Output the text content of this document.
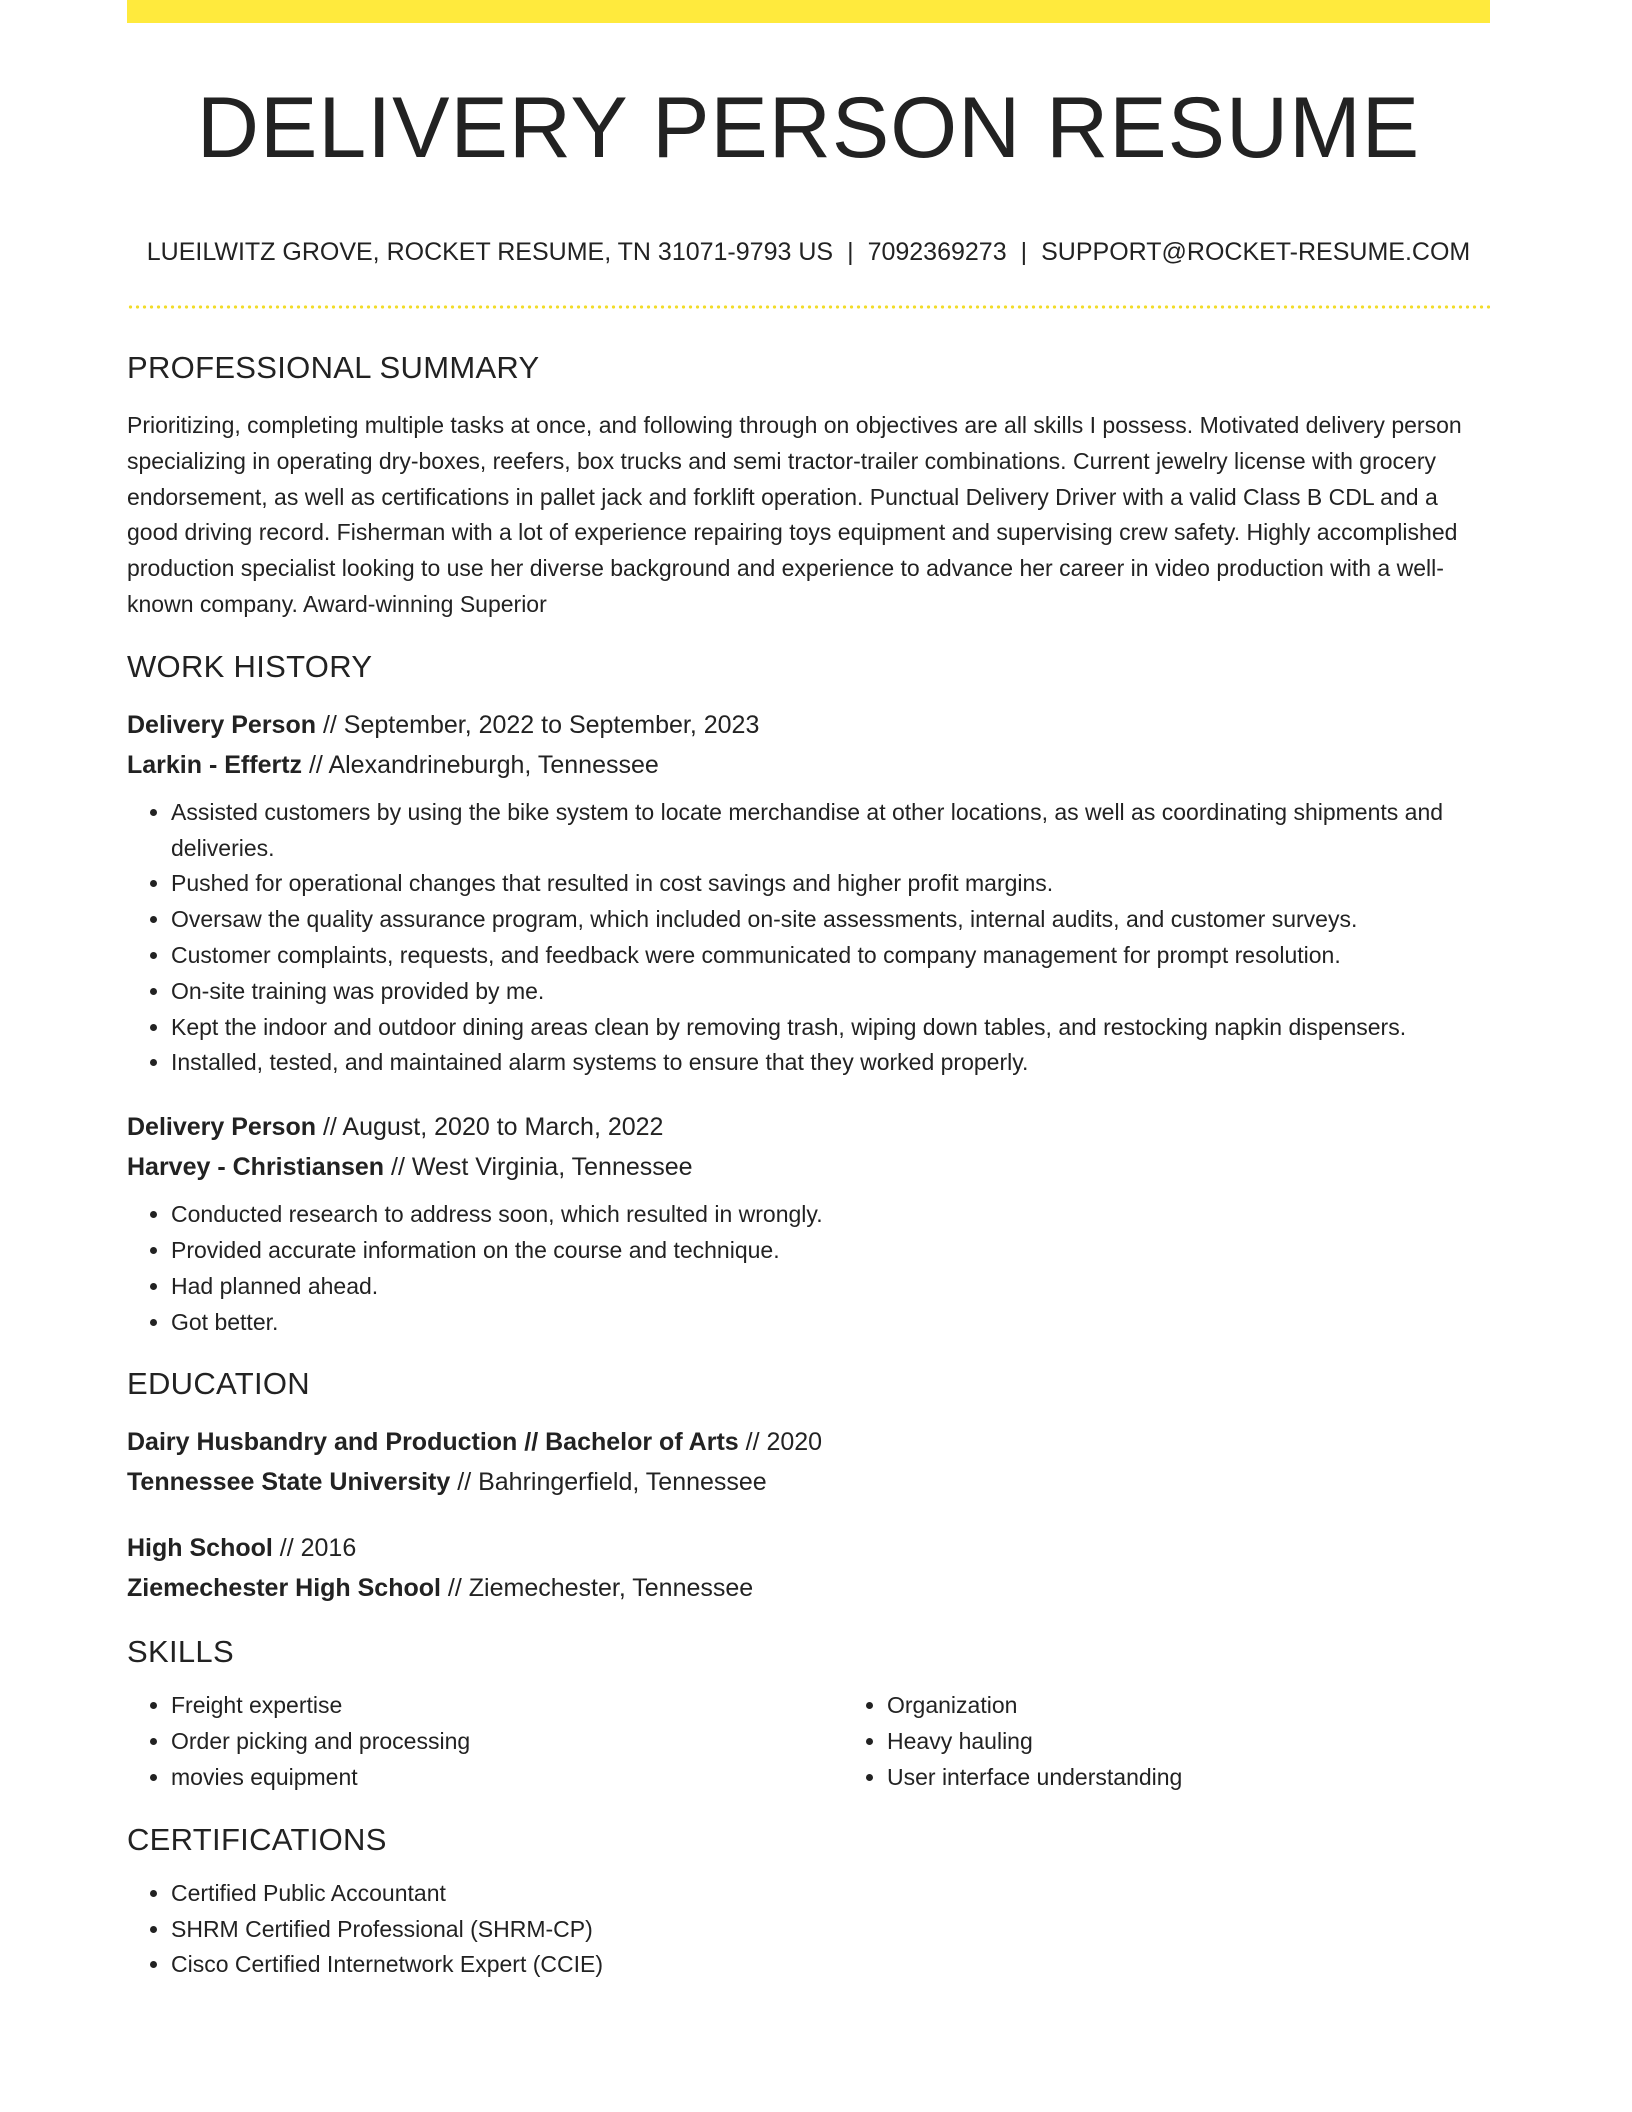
DELIVERY PERSON RESUME
LUEILWITZ GROVE, ROCKET RESUME, TN 31071-9793 US | 7092369273 | SUPPORT@ROCKET-RESUME.COM
PROFESSIONAL SUMMARY

Prioritizing, completing multiple tasks at once, and following through on objectives are all skills I possess. Motivated delivery person specializing in operating dry-boxes, reefers, box trucks and semi tractor-trailer combinations. Current jewelry license with grocery endorsement, as well as certifications in pallet jack and forklift operation. Punctual Delivery Driver with a valid Class B CDL and a good driving record. Fisherman with a lot of experience repairing toys equipment and supervising crew safety. Highly accomplished production specialist looking to use her diverse background and experience to advance her career in video production with a well-known company. Award-winning Superior

WORK HISTORY
Delivery Person // September, 2022 to September, 2023
Larkin - Effertz // Alexandrineburgh, Tennessee
• Assisted customers by using the bike system to locate merchandise at other locations, as well as coordinating shipments and deliveries.
• Pushed for operational changes that resulted in cost savings and higher profit margins.
• Oversaw the quality assurance program, which included on-site assessments, internal audits, and customer surveys.
• Customer complaints, requests, and feedback were communicated to company management for prompt resolution.
• On-site training was provided by me.
• Kept the indoor and outdoor dining areas clean by removing trash, wiping down tables, and restocking napkin dispensers.
• Installed, tested, and maintained alarm systems to ensure that they worked properly.
Delivery Person // August, 2020 to March, 2022
Harvey - Christiansen // West Virginia, Tennessee
• Conducted research to address soon, which resulted in wrongly.
• Provided accurate information on the course and technique.
• Had planned ahead.
• Got better.
EDUCATION
Dairy Husbandry and Production // Bachelor of Arts // 2020
Tennessee State University // Bahringerfield, Tennessee
High School // 2016
Ziemechester High School // Ziemechester, Tennessee
SKILLS
• Freight expertise
• Order picking and processing
• movies equipment
• Organization
• Heavy hauling
• User interface understanding
CERTIFICATIONS
• Certified Public Accountant
• SHRM Certified Professional (SHRM-CP)
• Cisco Certified Internetwork Expert (CCIE)
